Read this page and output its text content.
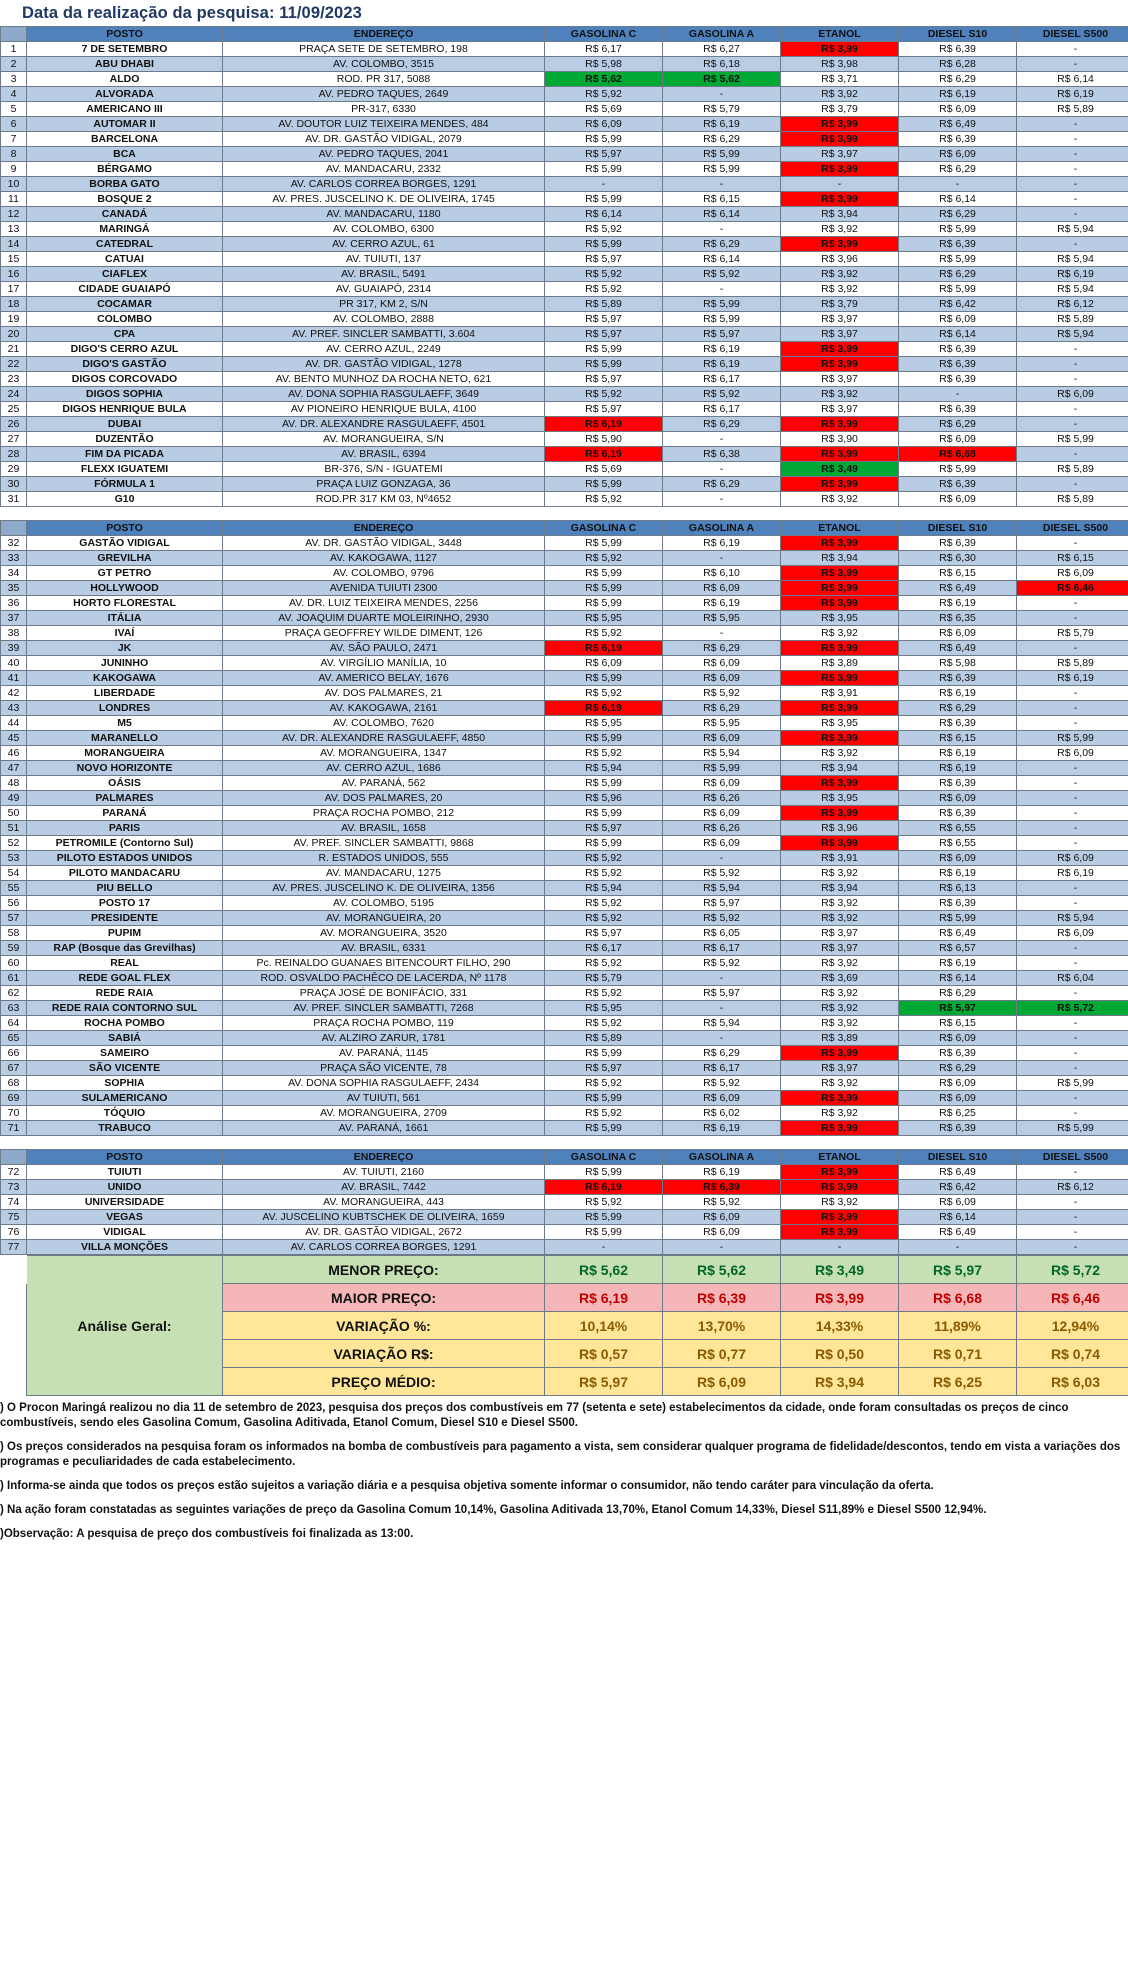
Data da realização da pesquisa: 11/09/2023
	POSTO	ENDEREÇO	GASOLINA C	GASOLINA A	ETANOL	DIESEL S10	DIESEL S500
1	7 DE SETEMBRO	PRAÇA SETE DE SETEMBRO, 198	R$ 6,17	R$ 6,27	R$ 3,99	R$ 6,39	-
2	ABU DHABI	AV. COLOMBO, 3515	R$ 5,98	R$ 6,18	R$ 3,98	R$ 6,28	-
3	ALDO	ROD. PR 317, 5088	R$ 5,62	R$ 5,62	R$ 3,71	R$ 6,29	R$ 6,14
4	ALVORADA	AV. PEDRO TAQUES, 2649	R$ 5,92	-	R$ 3,92	R$ 6,19	R$ 6,19
5	AMERICANO III	PR-317, 6330	R$ 5,69	R$ 5,79	R$ 3,79	R$ 6,09	R$ 5,89
6	AUTOMAR II	AV. DOUTOR LUIZ TEIXEIRA MENDES, 484	R$ 6,09	R$ 6,19	R$ 3,99	R$ 6,49	-
7	BARCELONA	AV. DR. GASTÃO VIDIGAL, 2079	R$ 5,99	R$ 6,29	R$ 3,99	R$ 6,39	-
8	BCA	AV. PEDRO TAQUES, 2041	R$ 5,97	R$ 5,99	R$ 3,97	R$ 6,09	-
9	BÉRGAMO	AV. MANDACARU, 2332	R$ 5,99	R$ 5,99	R$ 3,99	R$ 6,29	-
10	BORBA GATO	AV. CARLOS CORREA BORGES, 1291	-	-	-	-	-
11	BOSQUE 2	AV. PRES. JUSCELINO K. DE OLIVEIRA, 1745	R$ 5,99	R$ 6,15	R$ 3,99	R$ 6,14	-
12	CANADÁ	AV. MANDACARU, 1180	R$ 6,14	R$ 6,14	R$ 3,94	R$ 6,29	-
13	MARINGÁ	AV. COLOMBO, 6300	R$ 5,92	-	R$ 3,92	R$ 5,99	R$ 5,94
14	CATEDRAL	AV. CERRO AZUL, 61	R$ 5,99	R$ 6,29	R$ 3,99	R$ 6,39	-
15	CATUAI	AV. TUIUTI, 137	R$ 5,97	R$ 6,14	R$ 3,96	R$ 5,99	R$ 5,94
16	CIAFLEX	AV. BRASIL, 5491	R$ 5,92	R$ 5,92	R$ 3,92	R$ 6,29	R$ 6,19
17	CIDADE GUAIAPÓ	AV. GUAIAPÓ, 2314	R$ 5,92	-	R$ 3,92	R$ 5,99	R$ 5,94
18	COCAMAR	PR 317, KM 2, S/N	R$ 5,89	R$ 5,99	R$ 3,79	R$ 6,42	R$ 6,12
19	COLOMBO	AV. COLOMBO, 2888	R$ 5,97	R$ 5,99	R$ 3,97	R$ 6,09	R$ 5,89
20	CPA	AV. PREF. SINCLER SAMBATTI, 3.604	R$ 5,97	R$ 5,97	R$ 3,97	R$ 6,14	R$ 5,94
21	DIGO'S CERRO AZUL	AV. CERRO AZUL, 2249	R$ 5,99	R$ 6,19	R$ 3,99	R$ 6,39	-
22	DIGO'S GASTÃO	AV. DR. GASTÃO VIDIGAL, 1278	R$ 5,99	R$ 6,19	R$ 3,99	R$ 6,39	-
23	DIGOS CORCOVADO	AV. BENTO MUNHOZ DA ROCHA NETO, 621	R$ 5,97	R$ 6,17	R$ 3,97	R$ 6,39	-
24	DIGOS SOPHIA	AV. DONA SOPHIA RASGULAEFF, 3649	R$ 5,92	R$ 5,92	R$ 3,92	-	R$ 6,09
25	DIGOS HENRIQUE BULA	AV PIONEIRO HENRIQUE BULA, 4100	R$ 5,97	R$ 6,17	R$ 3,97	R$ 6,39	-
26	DUBAI	AV. DR. ALEXANDRE RASGULAEFF, 4501	R$ 6,19	R$ 6,29	R$ 3,99	R$ 6,29	-
27	DUZENTÃO	AV. MORANGUEIRA, S/N	R$ 5,90	-	R$ 3,90	R$ 6,09	R$ 5,99
28	FIM DA PICADA	AV. BRASIL, 6394	R$ 6,19	R$ 6,38	R$ 3,99	R$ 6,68	-
29	FLEXX IGUATEMI	BR-376, S/N - IGUATEMI	R$ 5,69	-	R$ 3,49	R$ 5,99	R$ 5,89
30	FÓRMULA 1	PRAÇA LUIZ GONZAGA, 36	R$ 5,99	R$ 6,29	R$ 3,99	R$ 6,39	-
31	G10	ROD.PR 317 KM 03, Nº4652	R$ 5,92	-	R$ 3,92	R$ 6,09	R$ 5,89
	POSTO	ENDEREÇO	GASOLINA C	GASOLINA A	ETANOL	DIESEL S10	DIESEL S500
32	GASTÃO VIDIGAL	AV. DR. GASTÃO VIDIGAL, 3448	R$ 5,99	R$ 6,19	R$ 3,99	R$ 6,39	-
33	GREVILHA	AV. KAKOGAWA, 1127	R$ 5,92	-	R$ 3,94	R$ 6,30	R$ 6,15
34	GT PETRO	AV. COLOMBO, 9796	R$ 5,99	R$ 6,10	R$ 3,99	R$ 6,15	R$ 6,09
35	HOLLYWOOD	AVENIDA TUIUTI 2300	R$ 5,99	R$ 6,09	R$ 3,99	R$ 6,49	R$ 6,46
36	HORTO FLORESTAL	AV. DR. LUIZ TEIXEIRA MENDES, 2256	R$ 5,99	R$ 6,19	R$ 3,99	R$ 6,19	-
37	ITÁLIA	AV. JOAQUIM DUARTE MOLEIRINHO, 2930	R$ 5,95	R$ 5,95	R$ 3,95	R$ 6,35	-
38	IVAÍ	PRAÇA GEOFFREY WILDE DIMENT, 126	R$ 5,92	-	R$ 3,92	R$ 6,09	R$ 5,79
39	JK	AV. SÃO PAULO, 2471	R$ 6,19	R$ 6,29	R$ 3,99	R$ 6,49	-
40	JUNINHO	AV. VIRGÍLIO MANÍLIA, 10	R$ 6,09	R$ 6,09	R$ 3,89	R$ 5,98	R$ 5,89
41	KAKOGAWA	AV. AMERICO BELAY, 1676	R$ 5,99	R$ 6,09	R$ 3,99	R$ 6,39	R$ 6,19
42	LIBERDADE	AV. DOS PALMARES, 21	R$ 5,92	R$ 5,92	R$ 3,91	R$ 6,19	-
43	LONDRES	AV. KAKOGAWA, 2161	R$ 6,19	R$ 6,29	R$ 3,99	R$ 6,29	-
44	M5	AV. COLOMBO, 7620	R$ 5,95	R$ 5,95	R$ 3,95	R$ 6,39	-
45	MARANELLO	AV. DR. ALEXANDRE RASGULAEFF, 4850	R$ 5,99	R$ 6,09	R$ 3,99	R$ 6,15	R$ 5,99
46	MORANGUEIRA	AV. MORANGUEIRA, 1347	R$ 5,92	R$ 5,94	R$ 3,92	R$ 6,19	R$ 6,09
47	NOVO HORIZONTE	AV. CERRO AZUL, 1686	R$ 5,94	R$ 5,99	R$ 3,94	R$ 6,19	-
48	OÁSIS	AV. PARANÁ, 562	R$ 5,99	R$ 6,09	R$ 3,99	R$ 6,39	-
49	PALMARES	AV. DOS PALMARES, 20	R$ 5,96	R$ 6,26	R$ 3,95	R$ 6,09	-
50	PARANÁ	PRAÇA ROCHA POMBO, 212	R$ 5,99	R$ 6,09	R$ 3,99	R$ 6,39	-
51	PARIS	AV. BRASIL, 1658	R$ 5,97	R$ 6,26	R$ 3,96	R$ 6,55	-
52	PETROMILE (Contorno Sul)	AV. PREF. SINCLER SAMBATTI, 9868	R$ 5,99	R$ 6,09	R$ 3,99	R$ 6,55	-
53	PILOTO ESTADOS UNIDOS	R. ESTADOS UNIDOS, 555	R$ 5,92	-	R$ 3,91	R$ 6,09	R$ 6,09
54	PILOTO MANDACARU	AV. MANDACARU, 1275	R$ 5,92	R$ 5,92	R$ 3,92	R$ 6,19	R$ 6,19
55	PIU BELLO	AV. PRES. JUSCELINO K. DE OLIVEIRA, 1356	R$ 5,94	R$ 5,94	R$ 3,94	R$ 6,13	-
56	POSTO 17	AV. COLOMBO, 5195	R$ 5,92	R$ 5,97	R$ 3,92	R$ 6,39	-
57	PRESIDENTE	AV. MORANGUEIRA, 20	R$ 5,92	R$ 5,92	R$ 3,92	R$ 5,99	R$ 5,94
58	PUPIM	AV. MORANGUEIRA, 3520	R$ 5,97	R$ 6,05	R$ 3,97	R$ 6,49	R$ 6,09
59	RAP (Bosque das Grevilhas)	AV. BRASIL, 6331	R$ 6,17	R$ 6,17	R$ 3,97	R$ 6,57	-
60	REAL	Pc. REINALDO GUANAES BITENCOURT FILHO, 290	R$ 5,92	R$ 5,92	R$ 3,92	R$ 6,19	-
61	REDE GOAL FLEX	ROD. OSVALDO PACHÊCO DE LACERDA, Nº 1178	R$ 5,79	-	R$ 3,69	R$ 6,14	R$ 6,04
62	REDE RAIA	PRAÇA JOSÉ DE BONIFÁCIO, 331	R$ 5,92	R$ 5,97	R$ 3,92	R$ 6,29	-
63	REDE RAIA CONTORNO SUL	AV. PREF. SINCLER SAMBATTI, 7268	R$ 5,95	-	R$ 3,92	R$ 5,97	R$ 5,72
64	ROCHA POMBO	PRAÇA ROCHA POMBO, 119	R$ 5,92	R$ 5,94	R$ 3,92	R$ 6,15	-
65	SABIÁ	AV. ALZIRO ZARUR, 1781	R$ 5,89	-	R$ 3,89	R$ 6,09	-
66	SAMEIRO	AV. PARANÁ, 1145	R$ 5,99	R$ 6,29	R$ 3,99	R$ 6,39	-
67	SÃO VICENTE	PRAÇA SÃO VICENTE, 78	R$ 5,97	R$ 6,17	R$ 3,97	R$ 6,29	-
68	SOPHIA	AV. DONA SOPHIA RASGULAEFF, 2434	R$ 5,92	R$ 5,92	R$ 3,92	R$ 6,09	R$ 5,99
69	SULAMERICANO	AV TUIUTI, 561	R$ 5,99	R$ 6,09	R$ 3,99	R$ 6,09	-
70	TÓQUIO	AV. MORANGUEIRA, 2709	R$ 5,92	R$ 6,02	R$ 3,92	R$ 6,25	-
71	TRABUCO	AV. PARANÁ, 1661	R$ 5,99	R$ 6,19	R$ 3,99	R$ 6,39	R$ 5,99
	POSTO	ENDEREÇO	GASOLINA C	GASOLINA A	ETANOL	DIESEL S10	DIESEL S500
72	TUIUTI	AV. TUIUTI, 2160	R$ 5,99	R$ 6,19	R$ 3,99	R$ 6,49	-
73	UNIDO	AV. BRASIL, 7442	R$ 6,19	R$ 6,39	R$ 3,99	R$ 6,42	R$ 6,12
74	UNIVERSIDADE	AV. MORANGUEIRA, 443	R$ 5,92	R$ 5,92	R$ 3,92	R$ 6,09	-
75	VEGAS	AV. JUSCELINO KUBTSCHEK DE OLIVEIRA, 1659	R$ 5,99	R$ 6,09	R$ 3,99	R$ 6,14	-
76	VIDIGAL	AV. DR. GASTÃO VIDIGAL, 2672	R$ 5,99	R$ 6,09	R$ 3,99	R$ 6,49	-
77	VILLA MONÇÕES	AV. CARLOS CORREA BORGES, 1291	-	-	-	-	-
	Análise Geral:	MENOR PREÇO:	R$ 5,62	R$ 5,62	R$ 3,49	R$ 5,97	R$ 5,72
		MAIOR PREÇO:	R$ 6,19	R$ 6,39	R$ 3,99	R$ 6,68	R$ 6,46
		VARIAÇÃO %:	10,14%	13,70%	14,33%	11,89%	12,94%
		VARIAÇÃO R$:	R$ 0,57	R$ 0,77	R$ 0,50	R$ 0,71	R$ 0,74
		PREÇO MÉDIO:	R$ 5,97	R$ 6,09	R$ 3,94	R$ 6,25	R$ 6,03

) O Procon Maringá realizou no dia 11 de setembro de 2023, pesquisa dos preços dos combustíveis em 77 (setenta e sete) estabelecimentos da cidade, onde foram consultadas os preços de cinco combustíveis, sendo eles Gasolina Comum, Gasolina Aditivada, Etanol Comum, Diesel S10 e Diesel S500.

) Os preços considerados na pesquisa foram os informados na bomba de combustíveis para pagamento a vista, sem considerar qualquer programa de fidelidade/descontos, tendo em vista a variações dos programas e peculiaridades de cada estabelecimento.

) Informa-se ainda que todos os preços estão sujeitos a variação diária e a pesquisa objetiva somente informar o consumidor, não tendo caráter para vinculação da oferta.

) Na ação foram constatadas as seguintes variações de preço da Gasolina Comum 10,14%, Gasolina Aditivada 13,70%, Etanol Comum 14,33%, Diesel S11,89% e Diesel S500 12,94%.

)Observação: A pesquisa de preço dos combustíveis foi finalizada as 13:00.
